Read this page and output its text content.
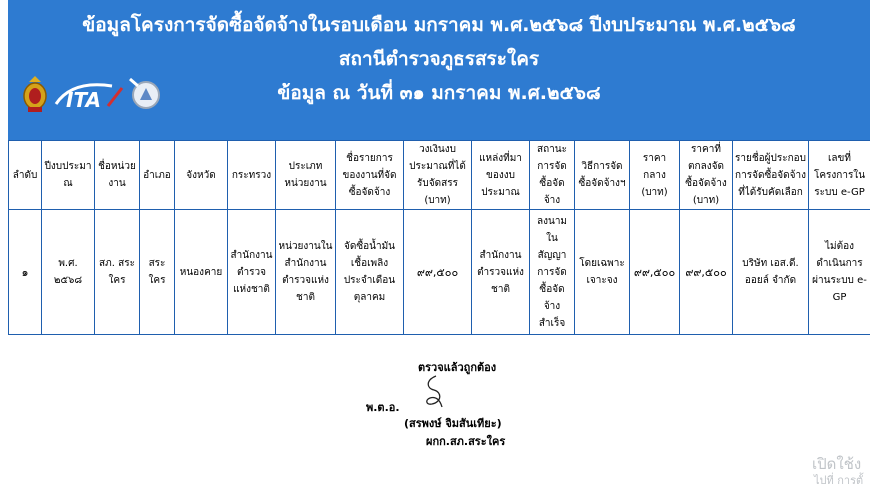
ITA
ข้อมูลโครงการจัดซื้อจัดจ้างในรอบเดือน มกราคม พ.ศ.๒๕๖๘ ปีงบประมาณ พ.ศ.๒๕๖๘
สถานีตำรวจภูธรสระใคร
ข้อมูล ณ วันที่ ๓๑ มกราคม พ.ศ.๒๕๖๘
ลำดับ	ปีงบประมาณ	ชื่อหน่วยงาน	อำเภอ	จังหวัด	กระทรวง	ประเภทหน่วยงาน	ชื่อรายการของงานที่จัดซื้อจัดจ้าง	วงเงินงบประมาณที่ได้รับจัดสรร (บาท)	แหล่งที่มาของงบประมาณ	สถานะการจัดซื้อจัดจ้าง	วิธีการจัดซื้อจัดจ้างฯ	ราคากลาง (บาท)	ราคาที่ตกลงจัดซื้อจัดจ้าง (บาท)	รายชื่อผู้ประกอบการจัดซื้อจัดจ้างที่ได้รับคัดเลือก	เลขที่โครงการในระบบ e-GP
๑	พ.ศ. ๒๕๖๘	สภ. สระใคร	สระใคร	หนองคาย	สำนักงานตำรวจแห่งชาติ	หน่วยงานในสำนักงานตำรวจแห่งชาติ	จัดซื้อน้ำมันเชื้อเพลิงประจำเดือนตุลาคม	๙๙,๕๐๐	สำนักงานตำรวจแห่งชาติ	ลงนามในสัญญาการจัดซื้อจัดจ้างสำเร็จ	โดยเฉพาะเจาะจง	๙๙,๕๐๐	๙๙,๕๐๐	บริษัท เอส.ดี. ออยล์ จำกัด	ไม่ต้องดำเนินการผ่านระบบ e-GP
ตรวจแล้วถูกต้อง
พ.ต.อ.
(สรพงษ์ จิมสันเทียะ)
ผกก.สภ.สระใคร
เปิดใช้ง
ไปที่ การตั้
